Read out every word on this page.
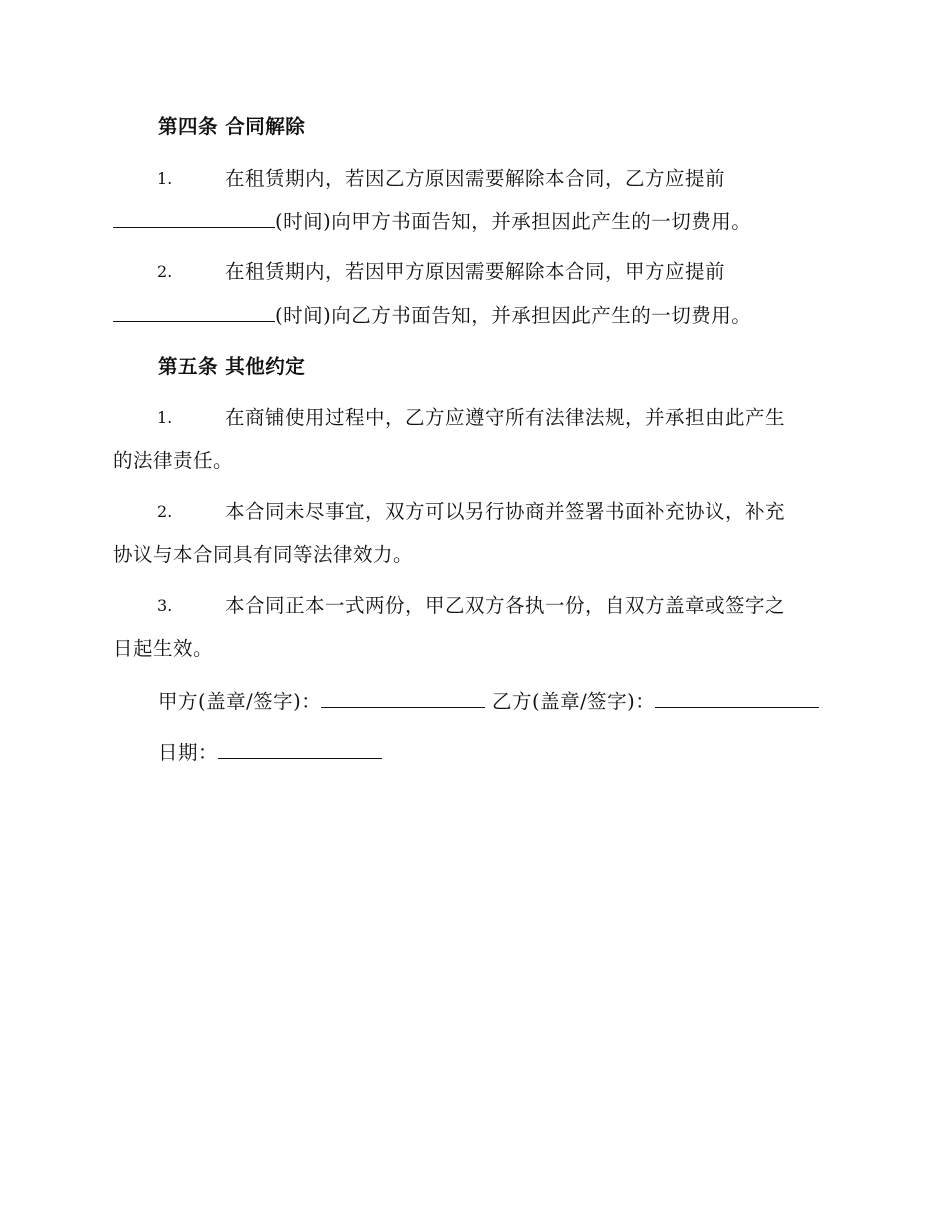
第四条 合同解除
1.	在租赁期内，若因乙方原因需要解除本合同，乙方应提前
(时间)向甲方书面告知，并承担因此产生的一切费用。
2.	在租赁期内，若因甲方原因需要解除本合同，甲方应提前
(时间)向乙方书面告知，并承担因此产生的一切费用。
第五条 其他约定
1.	在商铺使用过程中，乙方应遵守所有法律法规，并承担由此产生
的法律责任。
2.	本合同未尽事宜，双方可以另行协商并签署书面补充协议，补充
协议与本合同具有同等法律效力。
3.	本合同正本一式两份，甲乙双方各执一份，自双方盖章或签字之
日起生效。
甲方(盖章/签字)：	乙方(盖章/签字)：
日期：
